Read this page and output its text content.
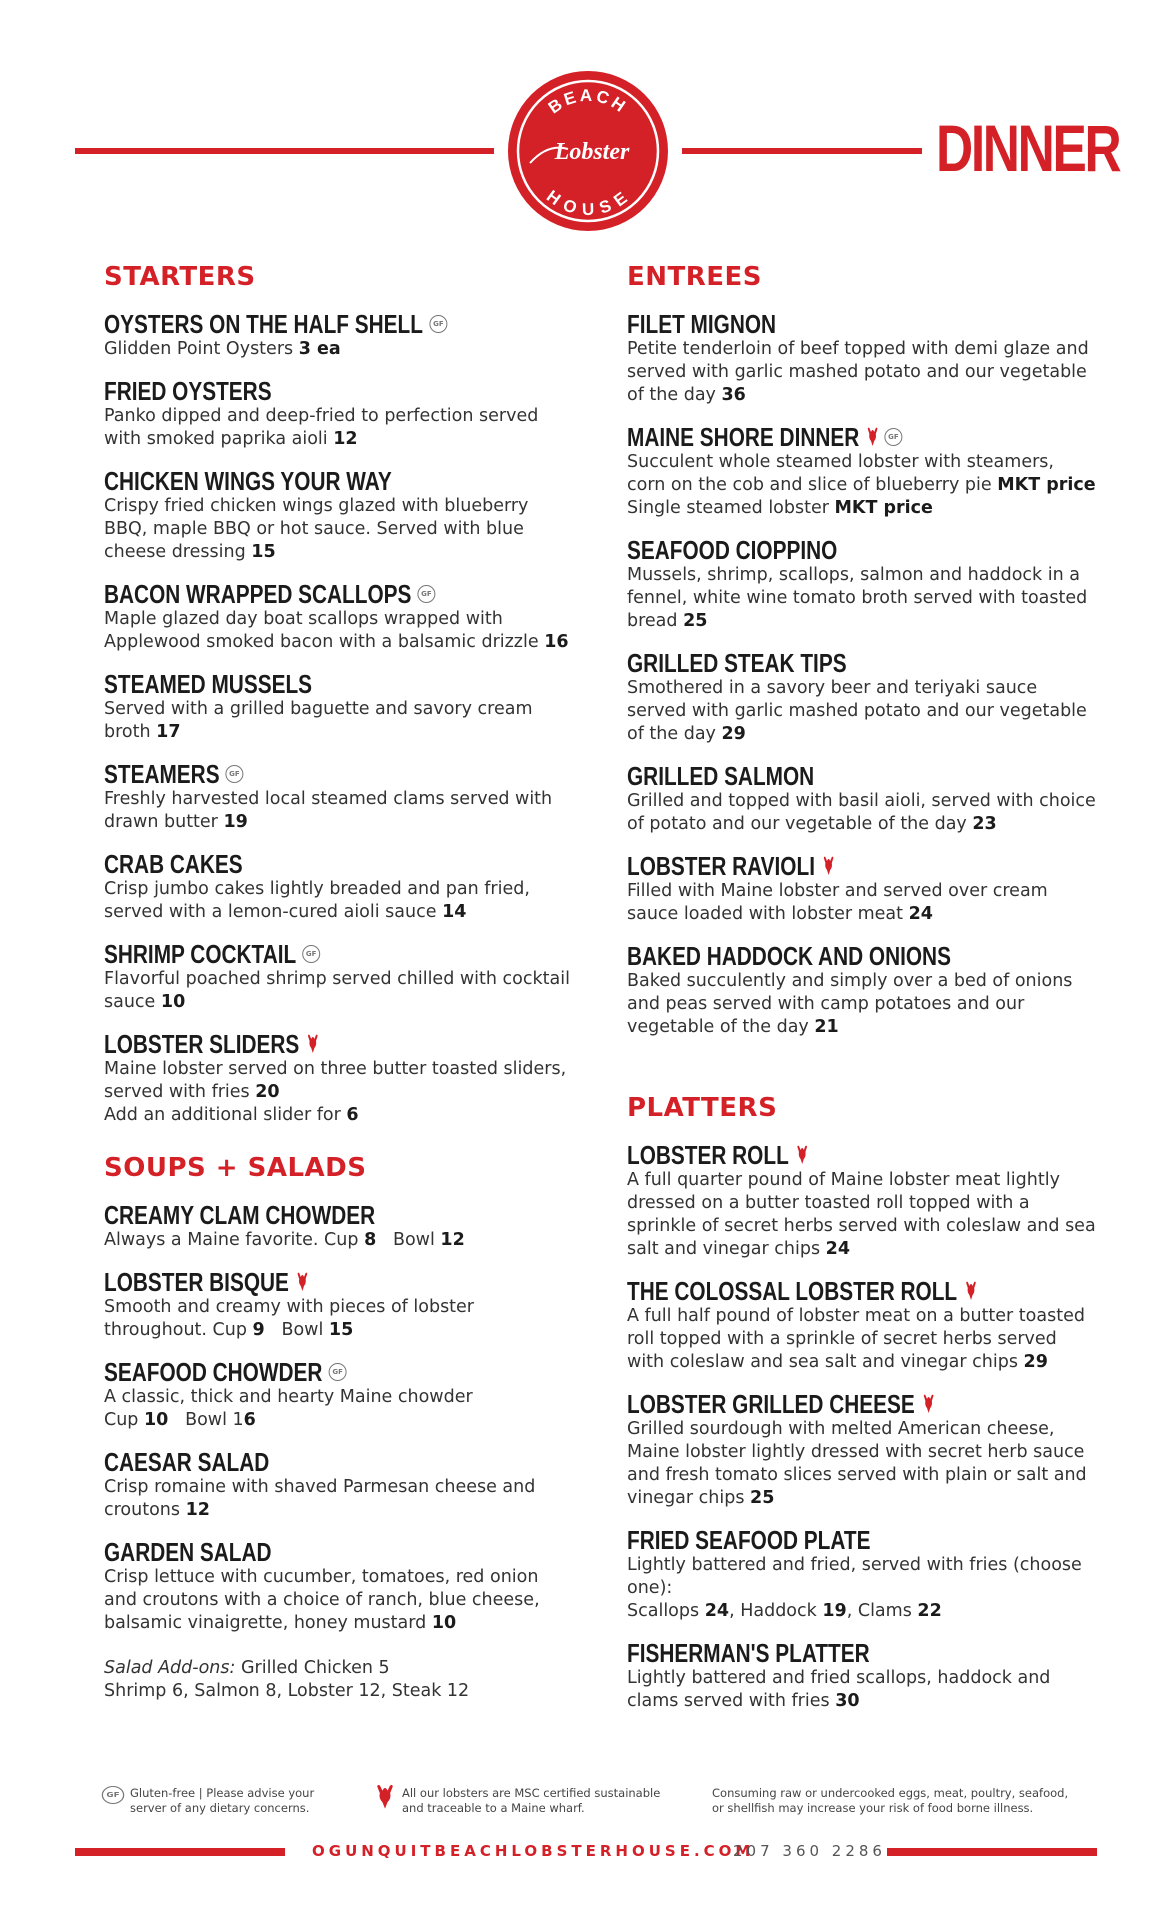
BEACH
HOUSE
Lobster	DINNER
STARTERS
OYSTERS ON THE HALF SHELL	GF
Glidden Point Oysters 3 ea
FRIED OYSTERS
Panko dipped and deep-fried to perfection served with smoked paprika aioli 12
CHICKEN WINGS YOUR WAY
Crispy fried chicken wings glazed with blueberry BBQ, maple BBQ or hot sauce. Served with blue cheese dressing 15
BACON WRAPPED SCALLOPS	GF
Maple glazed day boat scallops wrapped with Applewood smoked bacon with a balsamic drizzle 16
STEAMED MUSSELS
Served with a grilled baguette and savory cream broth 17
STEAMERS	GF
Freshly harvested local steamed clams served with drawn butter 19
CRAB CAKES
Crisp jumbo cakes lightly breaded and pan fried, served with a lemon-cured aioli sauce 14
SHRIMP COCKTAIL	GF
Flavorful poached shrimp served chilled with cocktail sauce 10
LOBSTER SLIDERS
Maine lobster served on three butter toasted sliders, served with fries 20
Add an additional slider for 6
SOUPS + SALADS
CREAMY CLAM CHOWDER
Always a Maine favorite. Cup 8 Bowl 12
LOBSTER BISQUE
Smooth and creamy with pieces of lobster throughout. Cup 9 Bowl 15
SEAFOOD CHOWDER	GF
A classic, thick and hearty Maine chowder
Cup 10 Bowl 16
CAESAR SALAD
Crisp romaine with shaved Parmesan cheese and croutons 12
GARDEN SALAD
Crisp lettuce with cucumber, tomatoes, red onion and croutons with a choice of ranch, blue cheese, balsamic vinaigrette, honey mustard 10
Salad Add-ons: Grilled Chicken 5
Shrimp 6, Salmon 8, Lobster 12, Steak 12
ENTREES
FILET MIGNON
Petite tenderloin of beef topped with demi glaze and served with garlic mashed potato and our vegetable of the day 36
MAINE SHORE DINNER	GF
Succulent whole steamed lobster with steamers, corn on the cob and slice of blueberry pie MKT price
Single steamed lobster MKT price
SEAFOOD CIOPPINO
Mussels, shrimp, scallops, salmon and haddock in a fennel, white wine tomato broth served with toasted bread 25
GRILLED STEAK TIPS
Smothered in a savory beer and teriyaki sauce served with garlic mashed potato and our vegetable of the day 29
GRILLED SALMON
Grilled and topped with basil aioli, served with choice of potato and our vegetable of the day 23
LOBSTER RAVIOLI
Filled with Maine lobster and served over cream sauce loaded with lobster meat 24
BAKED HADDOCK AND ONIONS
Baked succulently and simply over a bed of onions and peas served with camp potatoes and our vegetable of the day 21
PLATTERS
LOBSTER ROLL
A full quarter pound of Maine lobster meat lightly dressed on a butter toasted roll topped with a sprinkle of secret herbs served with coleslaw and sea salt and vinegar chips 24
THE COLOSSAL LOBSTER ROLL
A full half pound of lobster meat on a butter toasted roll topped with a sprinkle of secret herbs served with coleslaw and sea salt and vinegar chips 29
LOBSTER GRILLED CHEESE
Grilled sourdough with melted American cheese, Maine lobster lightly dressed with secret herb sauce and fresh tomato slices served with plain or salt and vinegar chips 25
FRIED SEAFOOD PLATE
Lightly battered and fried, served with fries (choose one):
Scallops 24, Haddock 19, Clams 22
FISHERMAN'S PLATTER
Lightly battered and fried scallops, haddock and clams served with fries 30
GF Gluten-free | Please advise your
server of any dietary concerns.
All our lobsters are MSC certified sustainable
and traceable to a Maine wharf.
Consuming raw or undercooked eggs, meat, poultry, seafood,
or shellfish may increase your risk of food borne illness.
OGUNQUITBEACHLOBSTERHOUSE.COM
207 360 2286
